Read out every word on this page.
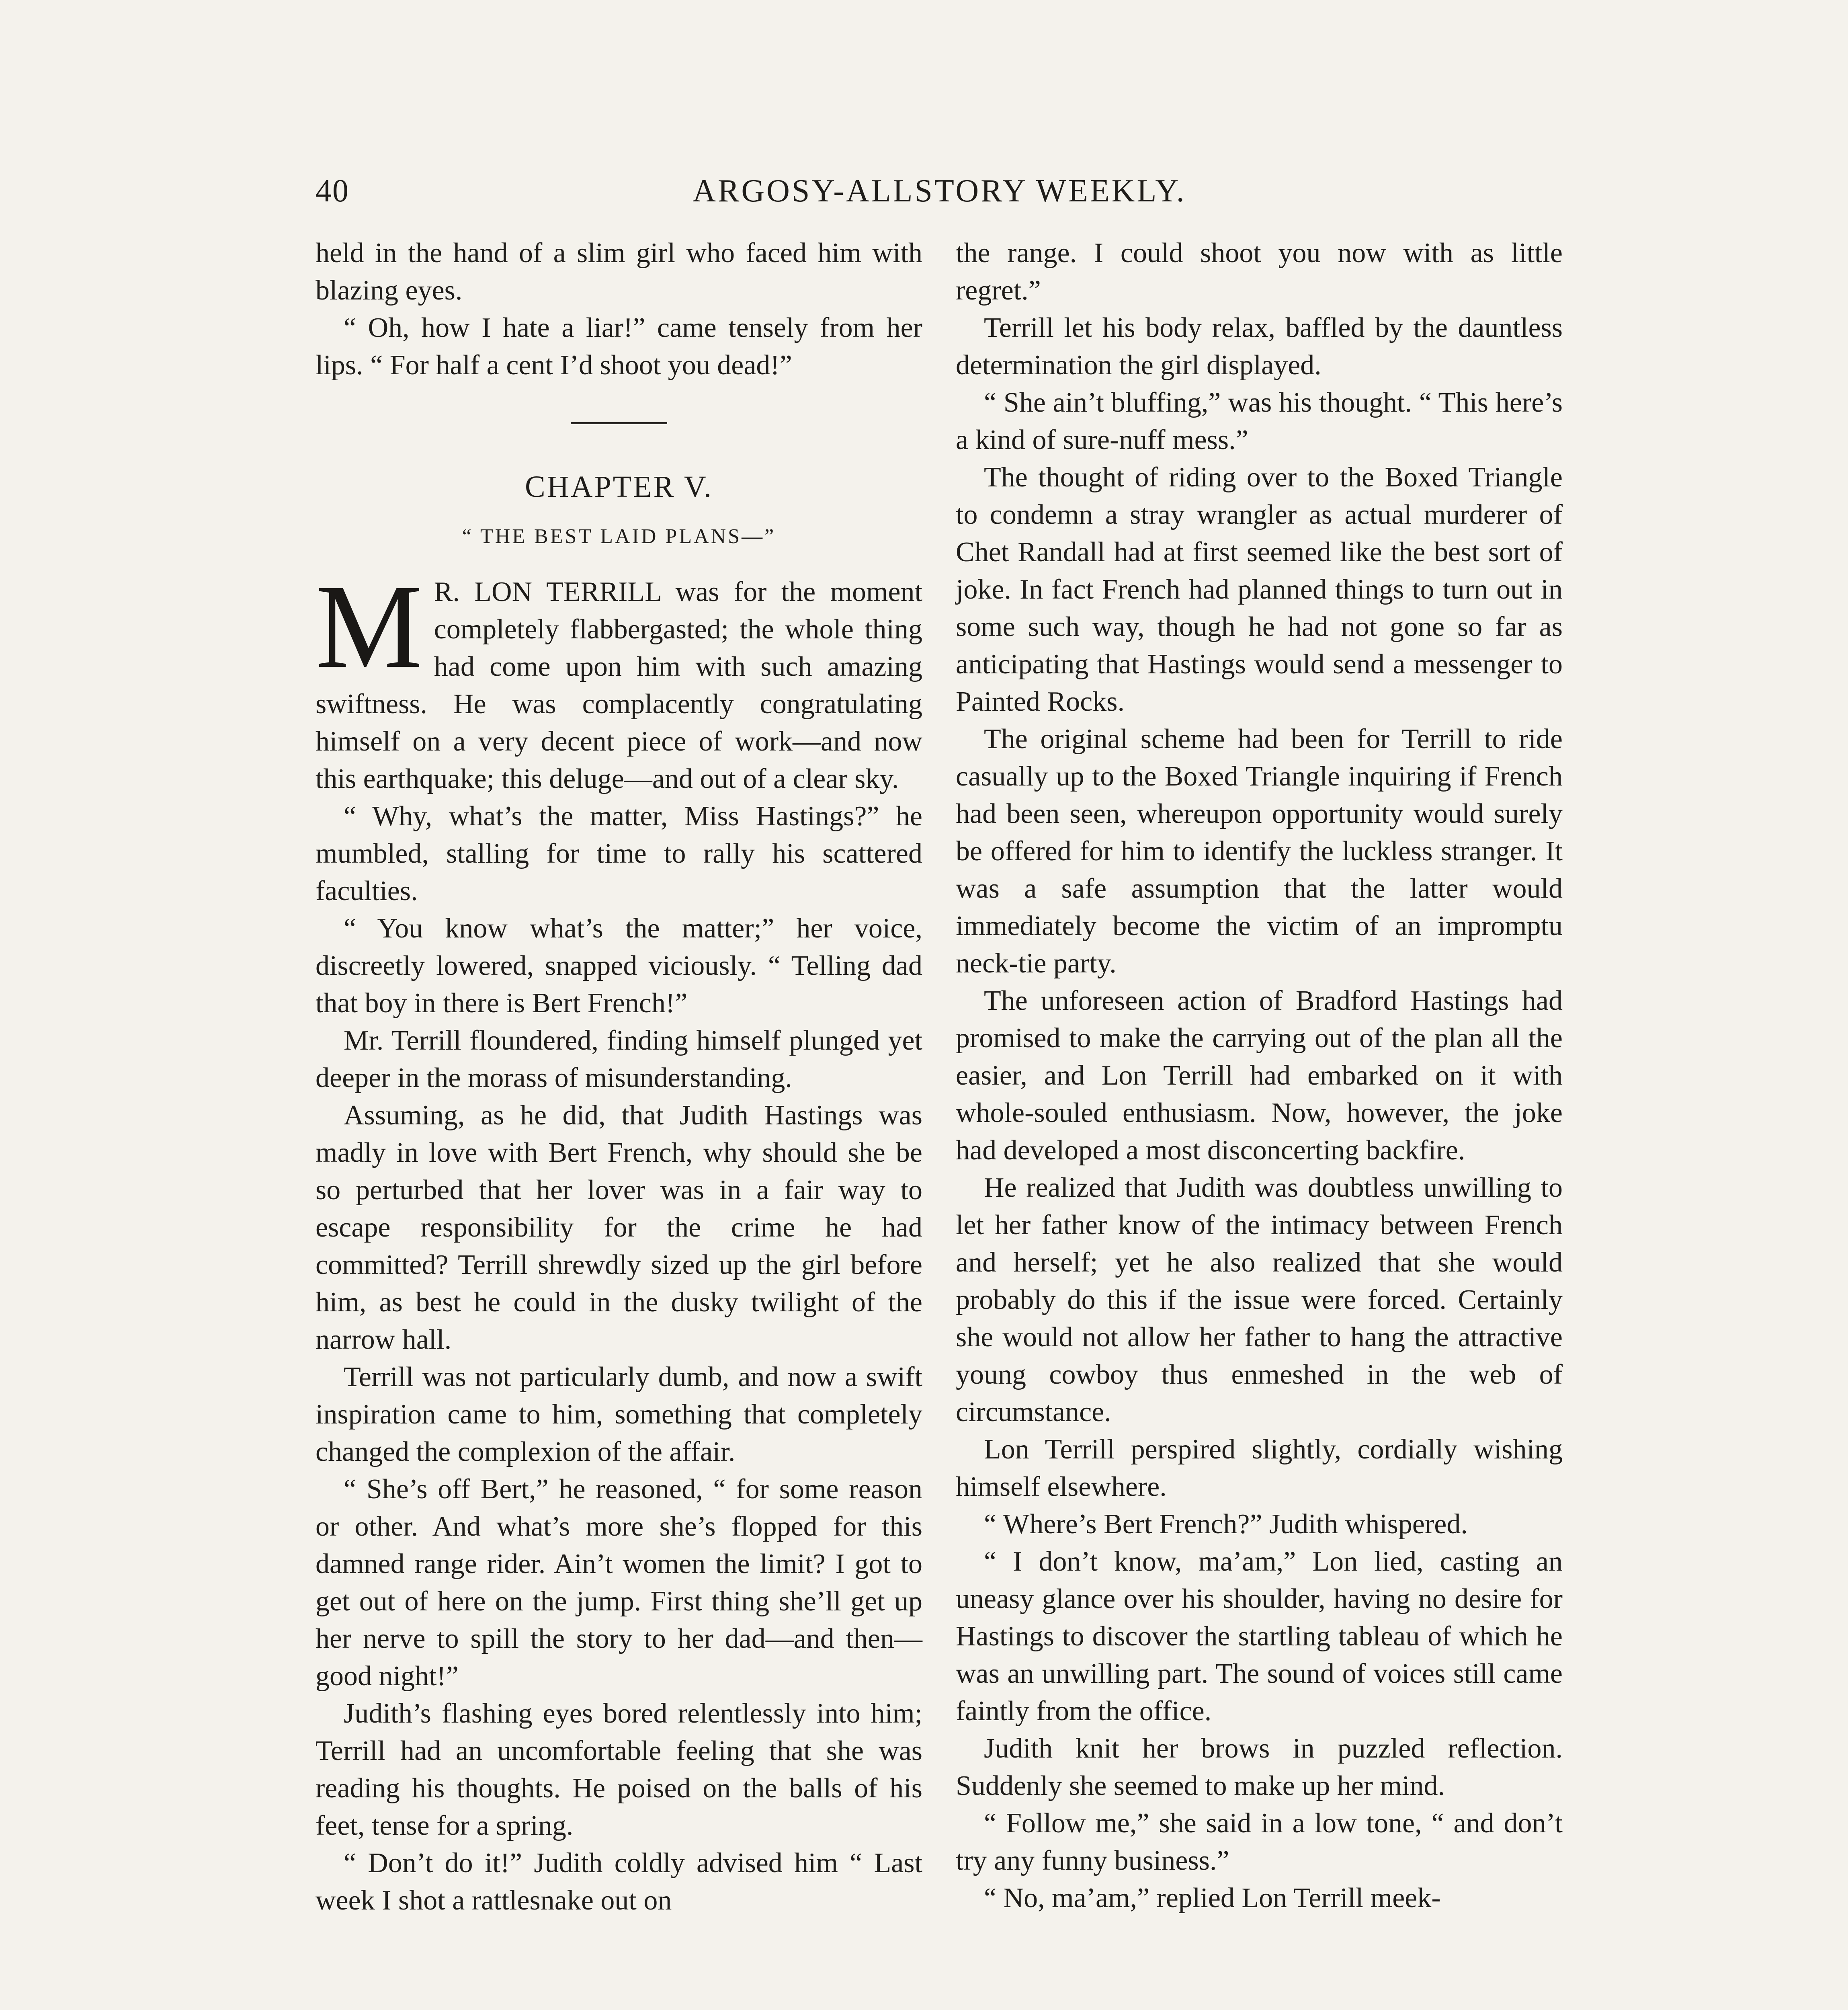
40	ARGOSY-ALLSTORY WEEKLY.

held in the hand of a slim girl who faced him with blazing eyes.

“ Oh, how I hate a liar!” came tensely from her lips. “ For half a cent I’d shoot you dead!”

CHAPTER V.
“ THE BEST LAID PLANS—”

M R. LON TERRILL was for the moment completely flabbergasted; the whole thing had come upon him with such amazing swiftness. He was complacently congratulating himself on a very decent piece of work—and now this earthquake; this deluge—and out of a clear sky.

“ Why, what’s the matter, Miss Hastings?” he mumbled, stalling for time to rally his scattered faculties.

“ You know what’s the matter;” her voice, discreetly lowered, snapped viciously. “ Telling dad that boy in there is Bert French!”

Mr. Terrill floundered, finding himself plunged yet deeper in the morass of misunderstanding.

Assuming, as he did, that Judith Hastings was madly in love with Bert French, why should she be so perturbed that her lover was in a fair way to escape responsibility for the crime he had committed? Terrill shrewdly sized up the girl before him, as best he could in the dusky twilight of the narrow hall.

Terrill was not particularly dumb, and now a swift inspiration came to him, something that completely changed the complexion of the affair.

“ She’s off Bert,” he reasoned, “ for some reason or other. And what’s more she’s flopped for this damned range rider. Ain’t women the limit? I got to get out of here on the jump. First thing she’ll get up her nerve to spill the story to her dad—and then—good night!”

Judith’s flashing eyes bored relentlessly into him; Terrill had an uncomfortable feeling that she was reading his thoughts. He poised on the balls of his feet, tense for a spring.

“ Don’t do it!” Judith coldly advised him “ Last week I shot a rattlesnake out on

the range. I could shoot you now with as little regret.”

Terrill let his body relax, baffled by the dauntless determination the girl displayed.

“ She ain’t bluffing,” was his thought. “ This here’s a kind of sure-nuff mess.”

The thought of riding over to the Boxed Triangle to condemn a stray wrangler as actual murderer of Chet Randall had at first seemed like the best sort of joke. In fact French had planned things to turn out in some such way, though he had not gone so far as anticipating that Hastings would send a messenger to Painted Rocks.

The original scheme had been for Terrill to ride casually up to the Boxed Triangle inquiring if French had been seen, whereupon opportunity would surely be offered for him to identify the luckless stranger. It was a safe assumption that the latter would immediately become the victim of an impromptu neck-tie party.

The unforeseen action of Bradford Hastings had promised to make the carrying out of the plan all the easier, and Lon Terrill had embarked on it with whole-souled enthusiasm. Now, however, the joke had developed a most disconcerting backfire.

He realized that Judith was doubtless unwilling to let her father know of the intimacy between French and herself; yet he also realized that she would probably do this if the issue were forced. Certainly she would not allow her father to hang the attractive young cowboy thus enmeshed in the web of circumstance.

Lon Terrill perspired slightly, cordially wishing himself elsewhere.

“ Where’s Bert French?” Judith whispered.

“ I don’t know, ma’am,” Lon lied, casting an uneasy glance over his shoulder, having no desire for Hastings to discover the startling tableau of which he was an unwilling part. The sound of voices still came faintly from the office.

Judith knit her brows in puzzled reflection. Suddenly she seemed to make up her mind.

“ Follow me,” she said in a low tone, “ and don’t try any funny business.”

“ No, ma’am,” replied Lon Terrill meek-
